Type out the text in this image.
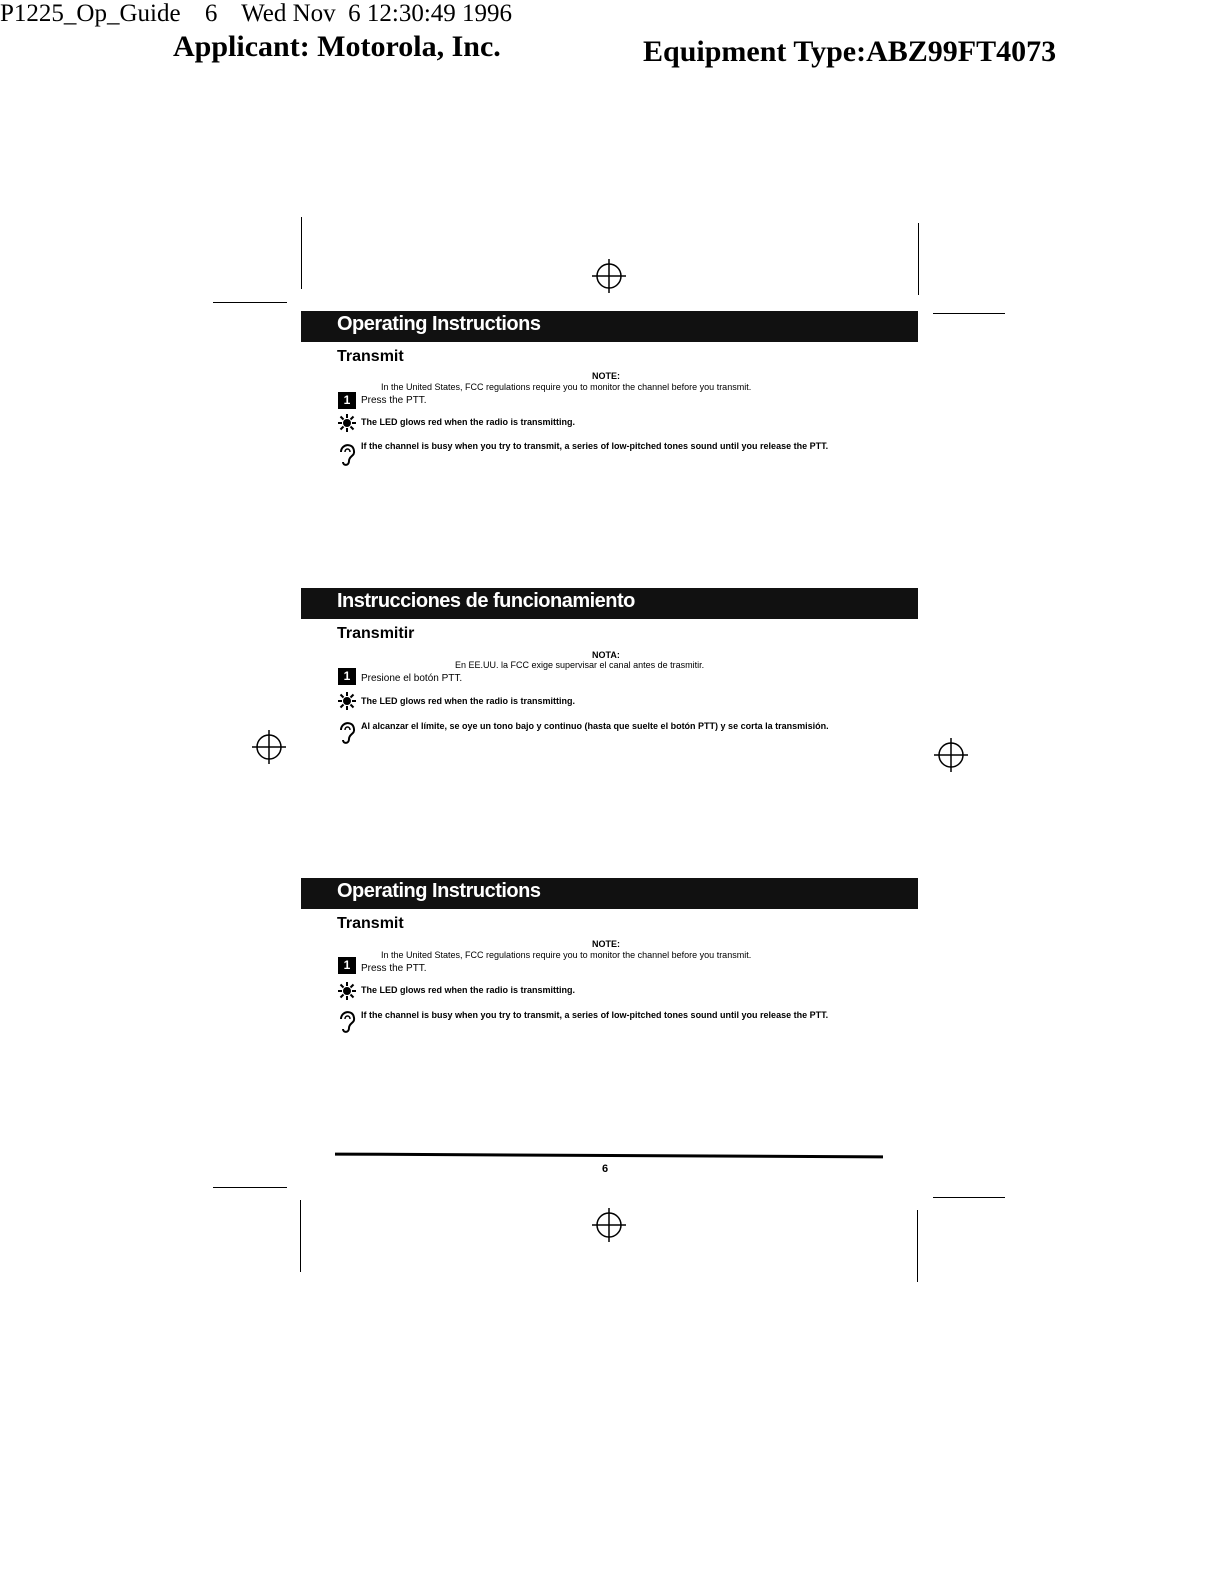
Applicant: Motorola, Inc.	Equipment Type:ABZ99FT4073
P1225_Op_Guide 6 Wed Nov  6 12:30:49 1996
Operating Instructions
Transmit
NOTE:
In the United States, FCC regulations require you to monitor the channel before you transmit.
1	Press the PTT.
The LED glows red when the radio is transmitting.
If the channel is busy when you try to transmit, a series of low-pitched tones sound until you release the PTT.
Instrucciones de funcionamiento
Transmitir
NOTA:
En EE.UU. la FCC exige supervisar el canal antes de trasmitir.
1	Presione el botón PTT.
The LED glows red when the radio is transmitting.
Al alcanzar el límite, se oye un tono bajo y continuo (hasta que suelte el botón PTT) y se corta la transmisión.
Operating Instructions
Transmit
NOTE:
In the United States, FCC regulations require you to monitor the channel before you transmit.
1	Press the PTT.
The LED glows red when the radio is transmitting.
If the channel is busy when you try to transmit, a series of low-pitched tones sound until you release the PTT.
6
